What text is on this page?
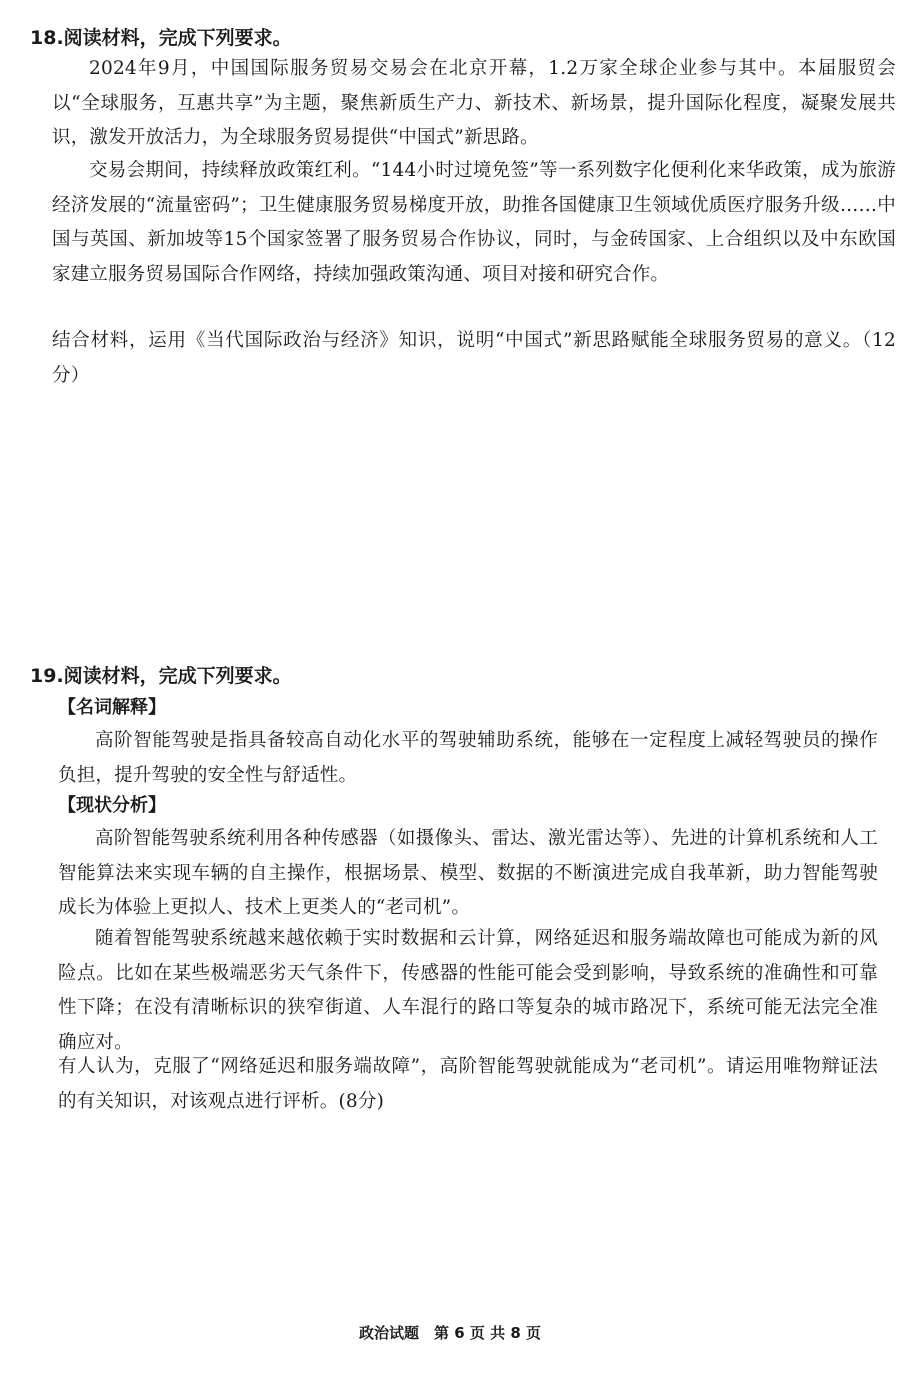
18.阅读材料，完成下列要求。
2024年9月，中国国际服务贸易交易会在北京开幕，1.2万家全球企业参与其中。本届服贸会以“全球服务，互惠共享”为主题，聚焦新质生产力、新技术、新场景，提升国际化程度，凝聚发展共识，激发开放活力，为全球服务贸易提供“中国式”新思路。
交易会期间，持续释放政策红利。“144小时过境免签”等一系列数字化便利化来华政策，成为旅游经济发展的“流量密码”；卫生健康服务贸易梯度开放，助推各国健康卫生领域优质医疗服务升级……中国与英国、新加坡等15个国家签署了服务贸易合作协议，同时，与金砖国家、上合组织以及中东欧国家建立服务贸易国际合作网络，持续加强政策沟通、项目对接和研究合作。
结合材料，运用《当代国际政治与经济》知识，说明“中国式”新思路赋能全球服务贸易的意义。（12分）
19.阅读材料，完成下列要求。
【名词解释】
高阶智能驾驶是指具备较高自动化水平的驾驶辅助系统，能够在一定程度上减轻驾驶员的操作负担，提升驾驶的安全性与舒适性。
【现状分析】
高阶智能驾驶系统利用各种传感器（如摄像头、雷达、激光雷达等）、先进的计算机系统和人工智能算法来实现车辆的自主操作，根据场景、模型、数据的不断演进完成自我革新，助力智能驾驶成长为体验上更拟人、技术上更类人的“老司机”。
随着智能驾驶系统越来越依赖于实时数据和云计算，网络延迟和服务端故障也可能成为新的风险点。比如在某些极端恶劣天气条件下，传感器的性能可能会受到影响，导致系统的准确性和可靠性下降；在没有清晰标识的狭窄街道、人车混行的路口等复杂的城市路况下，系统可能无法完全准确应对。
有人认为，克服了“网络延迟和服务端故障”，高阶智能驾驶就能成为“老司机”。请运用唯物辩证法的有关知识，对该观点进行评析。(8分)
政治试题　第 6 页 共 8 页
